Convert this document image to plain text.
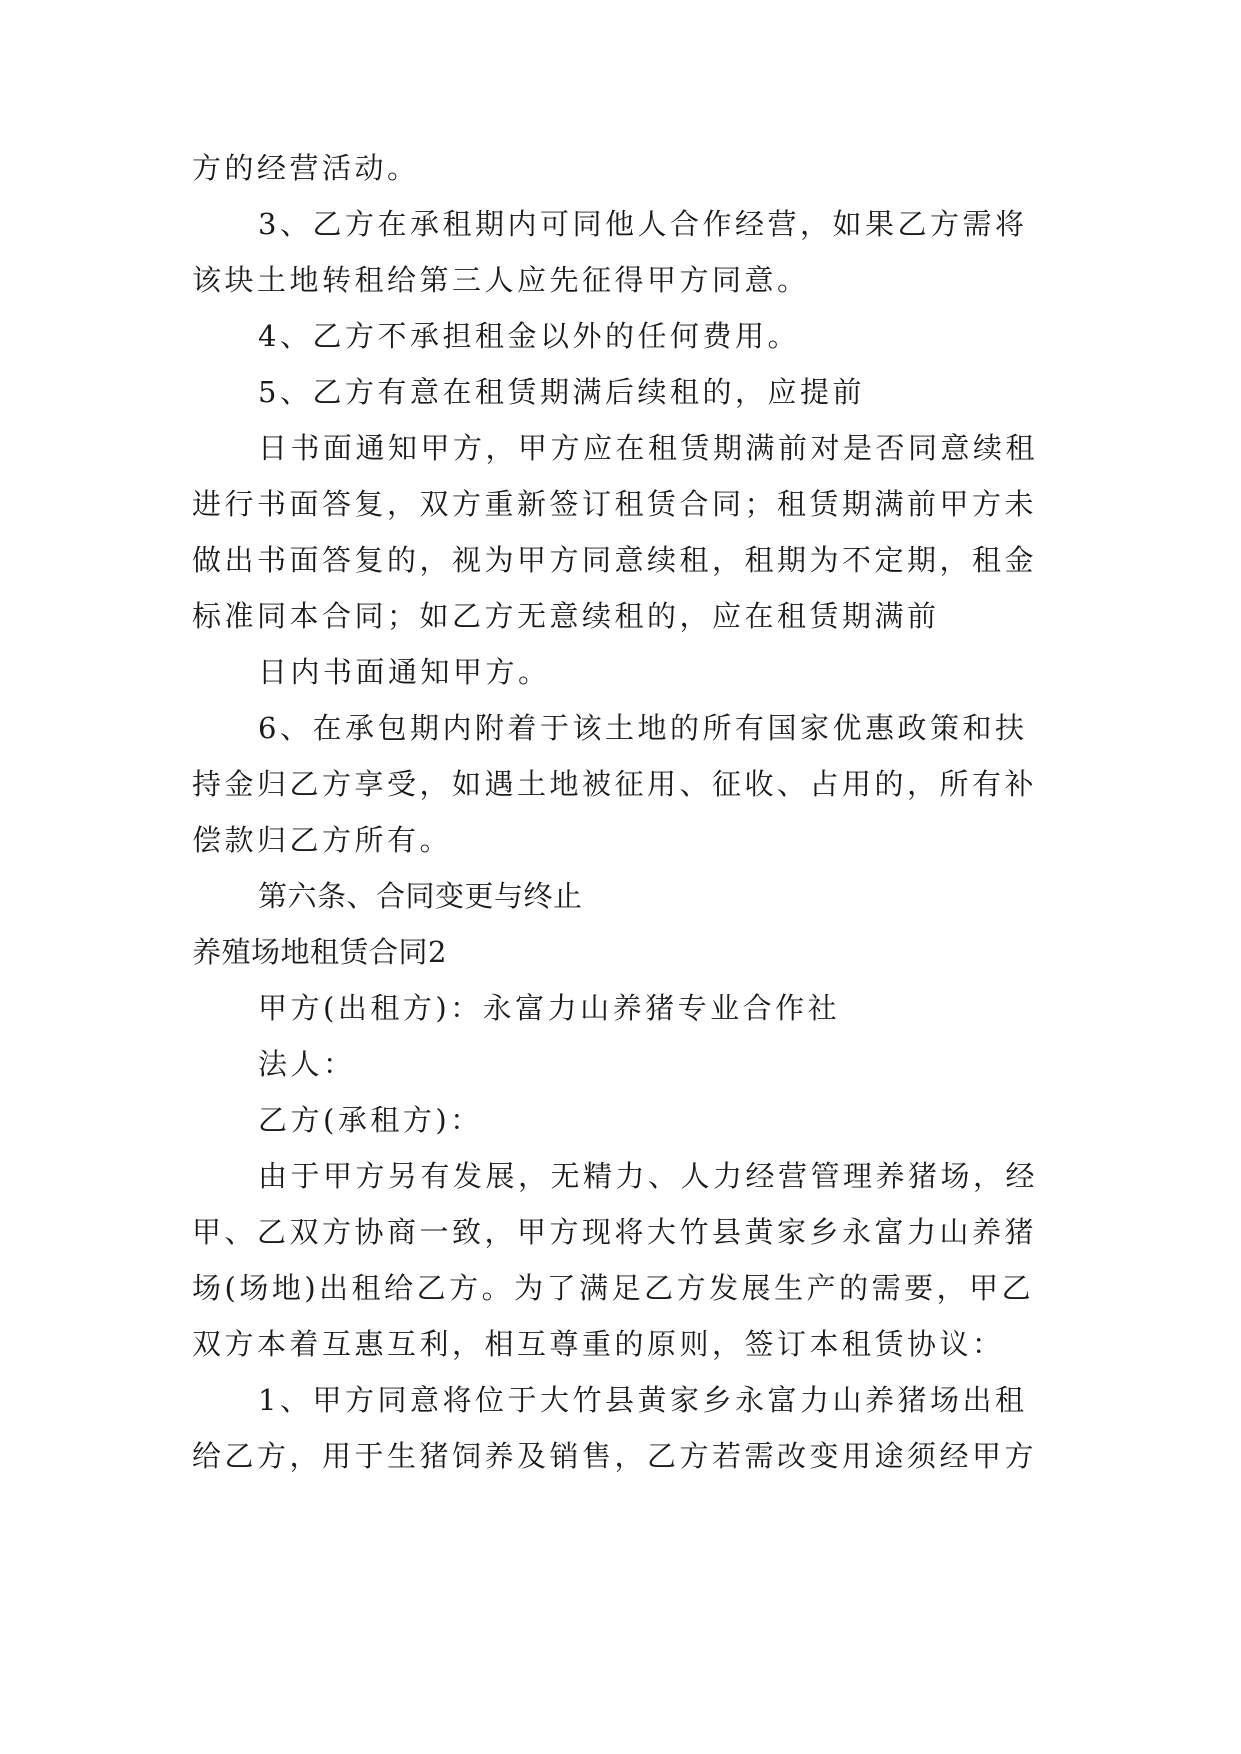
方的经营活动。
3、乙方在承租期内可同他人合作经营，如果乙方需将
该块土地转租给第三人应先征得甲方同意。
4、乙方不承担租金以外的任何费用。
5、乙方有意在租赁期满后续租的，应提前
日书面通知甲方，甲方应在租赁期满前对是否同意续租
进行书面答复，双方重新签订租赁合同；租赁期满前甲方未
做出书面答复的，视为甲方同意续租，租期为不定期，租金
标准同本合同；如乙方无意续租的，应在租赁期满前
日内书面通知甲方。
6、在承包期内附着于该土地的所有国家优惠政策和扶
持金归乙方享受，如遇土地被征用、征收、占用的，所有补
偿款归乙方所有。
第六条、合同变更与终止
养殖场地租赁合同2
甲方(出租方)：永富力山养猪专业合作社
法人：
乙方(承租方)：
由于甲方另有发展，无精力、人力经营管理养猪场，经
甲、乙双方协商一致，甲方现将大竹县黄家乡永富力山养猪
场(场地)出租给乙方。为了满足乙方发展生产的需要，甲乙
双方本着互惠互利，相互尊重的原则，签订本租赁协议：
1、甲方同意将位于大竹县黄家乡永富力山养猪场出租
给乙方，用于生猪饲养及销售，乙方若需改变用途须经甲方
